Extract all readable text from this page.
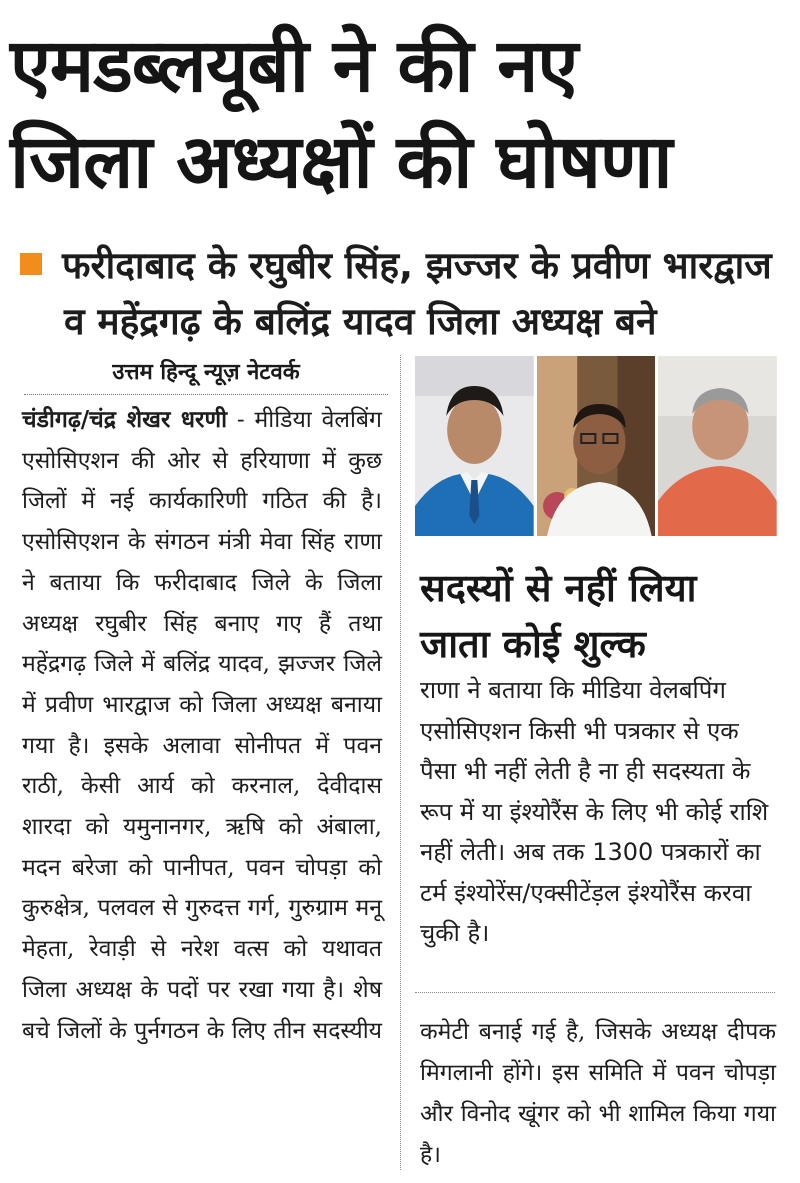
एमडब्लयूबी ने की नए
जिला अध्यक्षों की घोषणा
फरीदाबाद के रघुबीर सिंह, झज्जर के प्रवीण भारद्वाज
व महेंद्रगढ़ के बलिंद्र यादव जिला अध्यक्ष बने
उत्तम हिन्दू न्यूज़ नेटवर्क
चंडीगढ़/चंद्र शेखर धरणी - मीडिया वेलबिंग एसोसिएशन की ओर से हरियाणा में कुछ जिलों में नई कार्यकारिणी गठित की है। एसोसिएशन के संगठन मंत्री मेवा सिंह राणा ने बताया कि फरीदाबाद जिले के जिला अध्यक्ष रघुबीर सिंह बनाए गए हैं तथा महेंद्रगढ़ जिले में बलिंद्र यादव, झज्जर जिले में प्रवीण भारद्वाज को जिला अध्यक्ष बनाया गया है। इसके अलावा सोनीपत में पवन राठी, केसी आर्य को करनाल, देवीदास शारदा को यमुनानगर, ऋषि को अंबाला, मदन बरेजा को पानीपत, पवन चोपड़ा को कुरुक्षेत्र, पलवल से गुरुदत्त गर्ग, गुरुग्राम मनू मेहता, रेवाड़ी से नरेश वत्स को यथावत जिला अध्यक्ष के पदों पर रखा गया है। शेष बचे जिलों के पुर्नगठन के लिए तीन सदस्यीय
सदस्यों से नहीं लिया
जाता कोई शुल्क
राणा ने बताया कि मीडिया वेलबपिंग एसोसिएशन किसी भी पत्रकार से एक पैसा भी नहीं लेती है ना ही सदस्यता के रूप में या इंश्योरैंस के लिए भी कोई राशि नहीं लेती। अब तक 1300 पत्रकारों का टर्म इंश्योरेंस/एक्सीटेंड़ल इंश्योरैंस करवा चुकी है।
कमेटी बनाई गई है, जिसके अध्यक्ष दीपक मिगलानी होंगे। इस समिति में पवन चोपड़ा और विनोद खूंगर को भी शामिल किया गया है।
